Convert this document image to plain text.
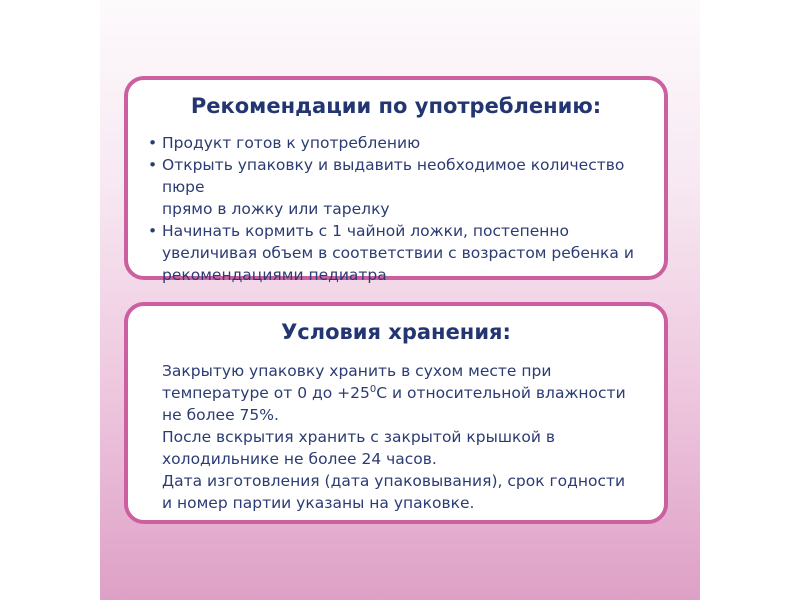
Рекомендации по употреблению:
• Продукт готов к употреблению
• Открыть упаковку и выдавить необходимое количество пюре
прямо в ложку или тарелку
• Начинать кормить с 1 чайной ложки, постепенно
увеличивая объем в соответствии с возрастом ребенка и
рекомендациями педиатра
Условия хранения:
Закрытую упаковку хранить в сухом месте при
температуре от 0 до $+25^0С$ и относительной влажности
не более 75%.
После вскрытия хранить с закрытой крышкой в
холодильнике не более 24 часов.
Дата изготовления (дата упаковывания), срок годности
и номер партии указаны на упаковке.
